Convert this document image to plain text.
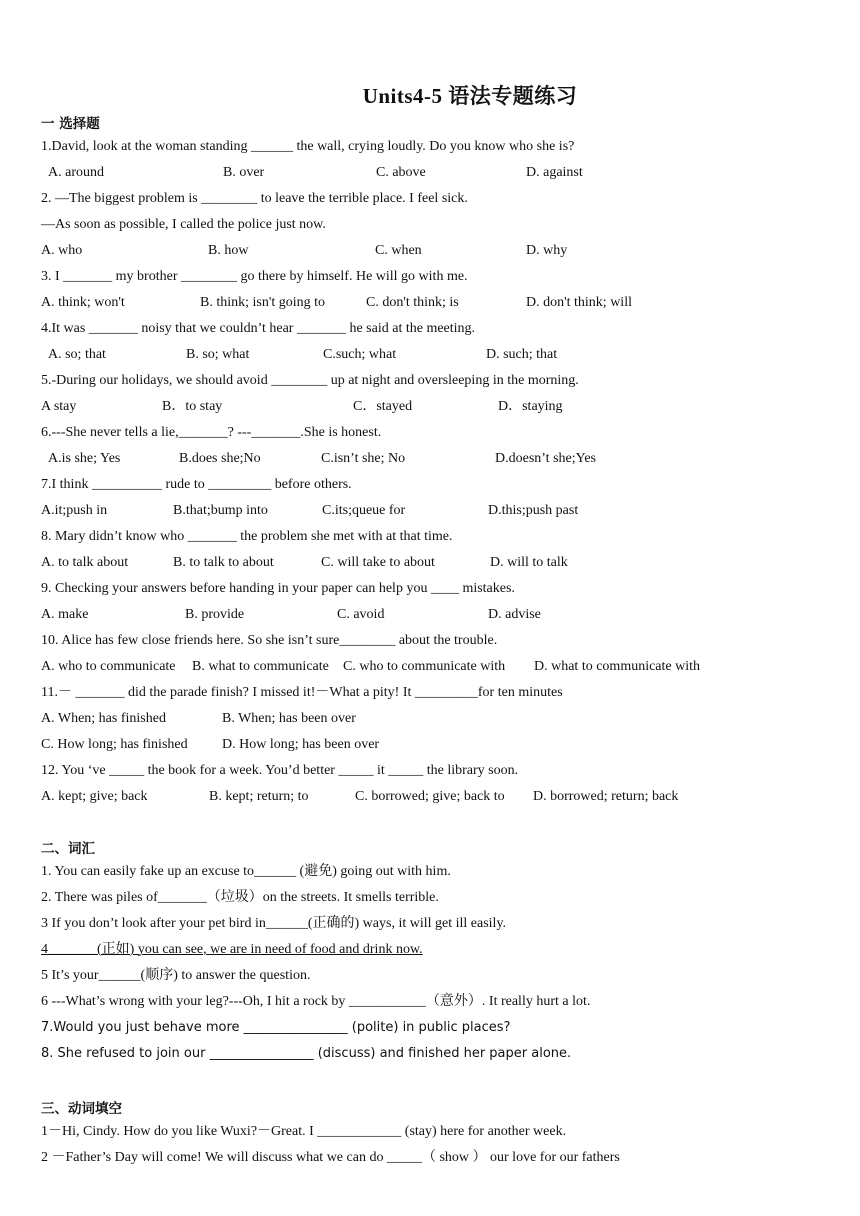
Units4-5 语法专题练习
一 选择题
1.David, look at the woman standing ______ the wall, crying loudly. Do you know who she is?
A. around	B. over	C. above	D. against
2. —The biggest problem is ________ to leave the terrible place. I feel sick.
—As soon as possible, I called the police just now.
A. who	B. how	C. when	D. why
3. I _______ my brother ________ go there by himself. He will go with me.
A. think; won't	B. think; isn't going to	C. don't think; is	D. don't think; will
4.It was _______ noisy that we couldn’t hear _______ he said at the meeting.
A. so; that	B. so; what	C.such; what	D. such; that
5.-During our holidays, we should avoid ________ up at night and oversleeping in the morning.
A stay	B．to stay	C．stayed	D．staying
6.---She never tells a lie,_______? ---_______.She is honest.
A.is she; Yes	B.does she;No	C.isn’t she; No	D.doesn’t she;Yes
7.I think __________ rude to _________ before others.
A.it;push in	B.that;bump into	C.its;queue for	D.this;push past
8. Mary didn’t know who _______ the problem she met with at that time.
A. to talk about	B. to talk to about	C. will take to about	D. will to talk
9. Checking your answers before handing in your paper can help you ____ mistakes.
A. make	B. provide	C. avoid	D. advise
10. Alice has few close friends here. So she isn’t sure________ about the trouble.
A. who to communicate B. what to communicate C. who to communicate with D. what to communicate with
11.－ _______ did the parade finish? I missed it!－What a pity! It _________for ten minutes
A. When; has finished	B. When; has been over
C. How long; has finished D. How long; has been over
12. You ‘ve _____ the book for a week. You’d better _____ it _____ the library soon.
A. kept; give; back	B. kept; return; to	C. borrowed; give; back to D. borrowed; return; back
二、词汇
1. You can easily fake up an excuse to______ (避免) going out with him.
2. There was piles of_______（垃圾）on the streets. It smells terrible.
3 If you don’t look after your pet bird in______(正确的) ways, it will get ill easily.
4_______(正如) you can see, we are in need of food and drink now.
5 It’s your______(顺序) to answer the question.
6 ---What’s wrong with your leg?---Oh, I hit a rock by ___________（意外）. It really hurt a lot.
7.Would you just behave more ________________ (polite) in public places?
8. She refused to join our ________________ (discuss) and finished her paper alone.
三、动词填空
1－Hi, Cindy. How do you like Wuxi?－Great. I ____________ (stay) here for another week.
2 －Father’s Day will come! We will discuss what we can do _____（ show ） our love for our fathers
